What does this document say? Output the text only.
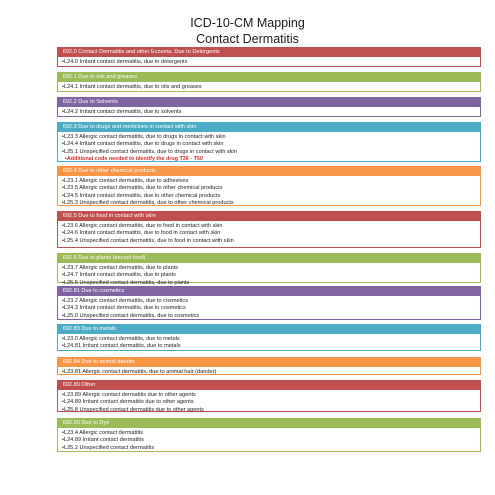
ICD-10-CM Mapping
Contact Dermatitis
692.0 Contact Dermatitis and other Eczema, Due to Detergents
•L24.0 Irritant contact dermatitis, due to detergents
692.1 Due to oils and greases
•L24.1 Irritant contact dermatitis, due to oils and greases
692.2 Due to Solvents
•L24.2 Irritant contact dermatitis, due to solvents
692.3 Due to drugs and medicines in contact with skin
•L23.3 Allergic contact dermatitis, due to drugs in contact with skin
•L24.4 Irritant contact dermatitis, due to drugs in contact with skin
•L25.1 Unspecified contact dermatitis, due to drugs in contact with skin
•Additional code needed to identify the drug T36 - T50
692.4 Due to other chemical products
•L23.1 Allergic contact dermatitis, due to adhesives
•L23.5 Allergic contact dermatitis, due to other chemical products
•L24.5 Irritant contact dermatitis, due to other chemical products
•L25.3 Unspecified contact dermatitis, due to other chemical products
692.5 Due to food in contact with skin
•L23.6 Allergic contact dermatitis, due to food in contact with skin
•L24.6 Irritant contact dermatitis, due to food in contact with skin
•L25.4 Unspecified contact dermatitis, due to food in contact with skin
692.6 Due to plants (except food)
•L23.7 Allergic contact dermatitis, due to plants
•L24.7 Irritant contact dermatitis, due to plants
•L25.5 Unspecified contact dermatitis, due to plants
692.81 Due to cosmetics
•L23.2 Allergic contact dermatitis, due to cosmetics
•L24.3 Irritant contact dermatitis, due to cosmetics
•L25.0 Unspecified contact dermatitis, due to cosmetics
692.83 Due to metals
•L23.0 Allergic contact dermatitis, due to metals
•L24.81 Irritant contact dermatitis, due to metals
692.84 Due to animal dander
•L23.81 Allergic contact dermatitis, due to animal hair (dander)
692.89 Other
•L23.89 Allergic contact dermatitis due to other agents
•L24.89 Irritant contact dermatitis due to other agents
•L25.8 Unspecified contact dermatitis due to other agents
692.90 Due to Dye
•L23.4 Allergic contact dermatitis
•L24.89 Irritant contact dermatitis
•L25.2 Unspecified contact dermatitis
